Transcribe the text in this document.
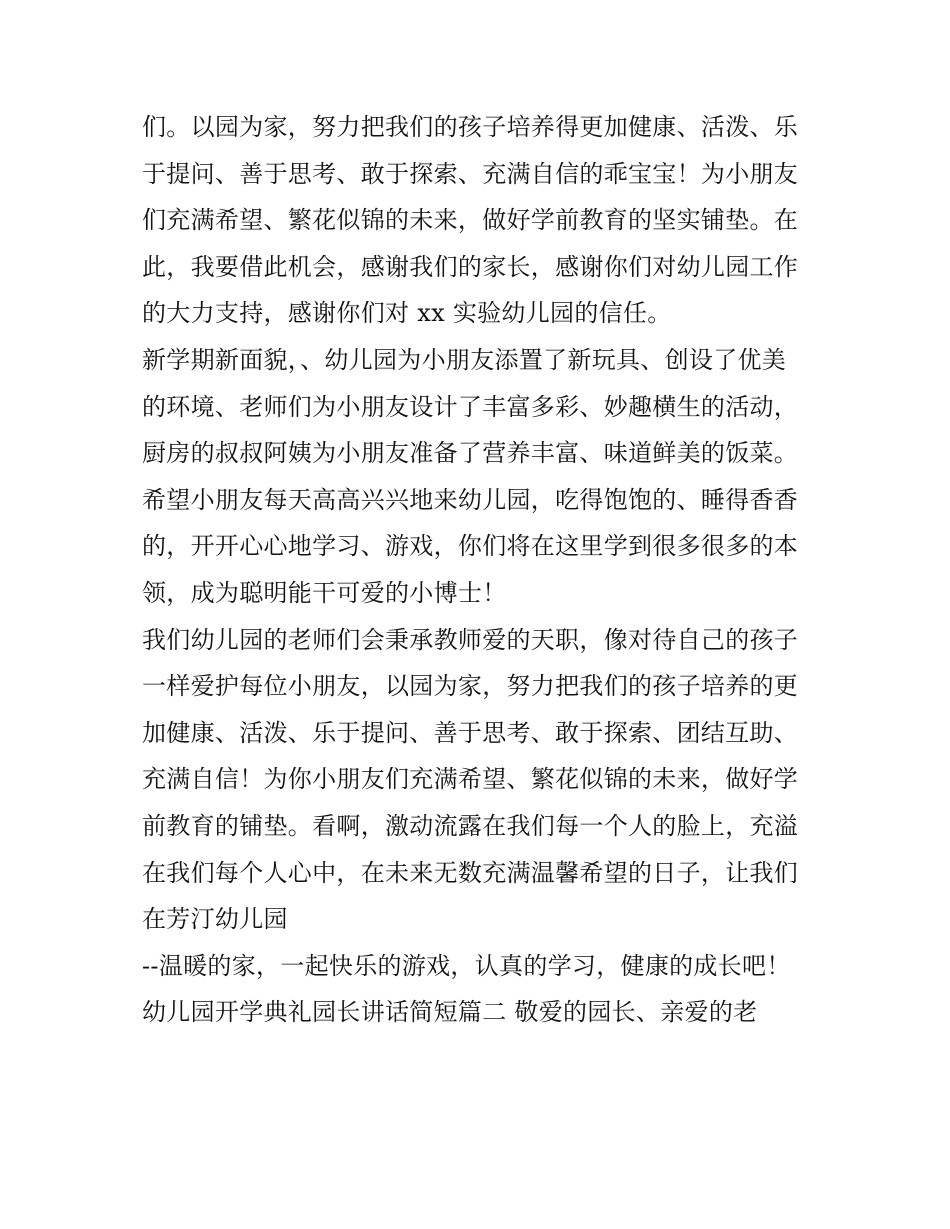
们。以园为家，努力把我们的孩子培养得更加健康、活泼、乐
于提问、善于思考、敢于探索、充满自信的乖宝宝！为小朋友
们充满希望、繁花似锦的未来，做好学前教育的坚实铺垫。在
此，我要借此机会，感谢我们的家长，感谢你们对幼儿园工作
的大力支持，感谢你们对 xx 实验幼儿园的信任。
新学期新面貌，、幼儿园为小朋友添置了新玩具、创设了优美
的环境、老师们为小朋友设计了丰富多彩、妙趣横生的活动，
厨房的叔叔阿姨为小朋友准备了营养丰富、味道鲜美的饭菜。
希望小朋友每天高高兴兴地来幼儿园，吃得饱饱的、睡得香香
的，开开心心地学习、游戏，你们将在这里学到很多很多的本
领，成为聪明能干可爱的小博士！
我们幼儿园的老师们会秉承教师爱的天职，像对待自己的孩子
一样爱护每位小朋友，以园为家，努力把我们的孩子培养的更
加健康、活泼、乐于提问、善于思考、敢于探索、团结互助、
充满自信！为你小朋友们充满希望、繁花似锦的未来，做好学
前教育的铺垫。看啊，激动流露在我们每一个人的脸上，充溢
在我们每个人心中，在未来无数充满温馨希望的日子，让我们
在芳汀幼儿园
--温暖的家，一起快乐的游戏，认真的学习，健康的成长吧！
幼儿园开学典礼园长讲话简短篇二 敬爱的园长、亲爱的老
